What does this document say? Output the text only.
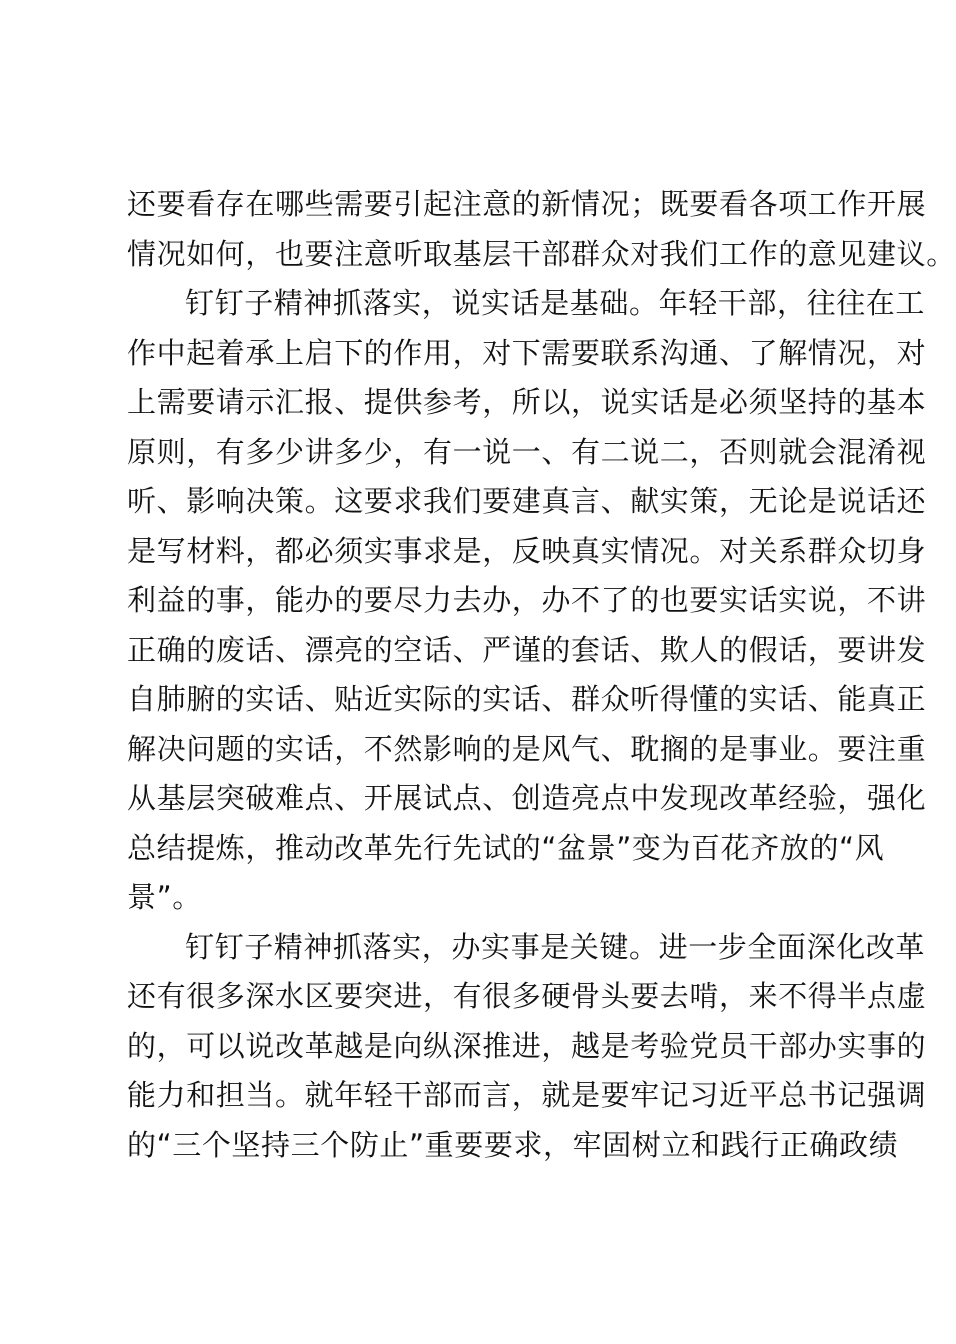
还要看存在哪些需要引起注意的新情况；既要看各项工作开展
情况如何，也要注意听取基层干部群众对我们工作的意见建议。
钉钉子精神抓落实，说实话是基础。年轻干部，往往在工
作中起着承上启下的作用，对下需要联系沟通、了解情况，对
上需要请示汇报、提供参考，所以，说实话是必须坚持的基本
原则，有多少讲多少，有一说一、有二说二，否则就会混淆视
听、影响决策。这要求我们要建真言、献实策，无论是说话还
是写材料，都必须实事求是，反映真实情况。对关系群众切身
利益的事，能办的要尽力去办，办不了的也要实话实说，不讲
正确的废话、漂亮的空话、严谨的套话、欺人的假话，要讲发
自肺腑的实话、贴近实际的实话、群众听得懂的实话、能真正
解决问题的实话，不然影响的是风气、耽搁的是事业。要注重
从基层突破难点、开展试点、创造亮点中发现改革经验，强化
总结提炼，推动改革先行先试的“盆景”变为百花齐放的“风
景”。
钉钉子精神抓落实，办实事是关键。进一步全面深化改革
还有很多深水区要突进，有很多硬骨头要去啃，来不得半点虚
的，可以说改革越是向纵深推进，越是考验党员干部办实事的
能力和担当。就年轻干部而言，就是要牢记习近平总书记强调
的“三个坚持三个防止”重要要求，牢固树立和践行正确政绩
